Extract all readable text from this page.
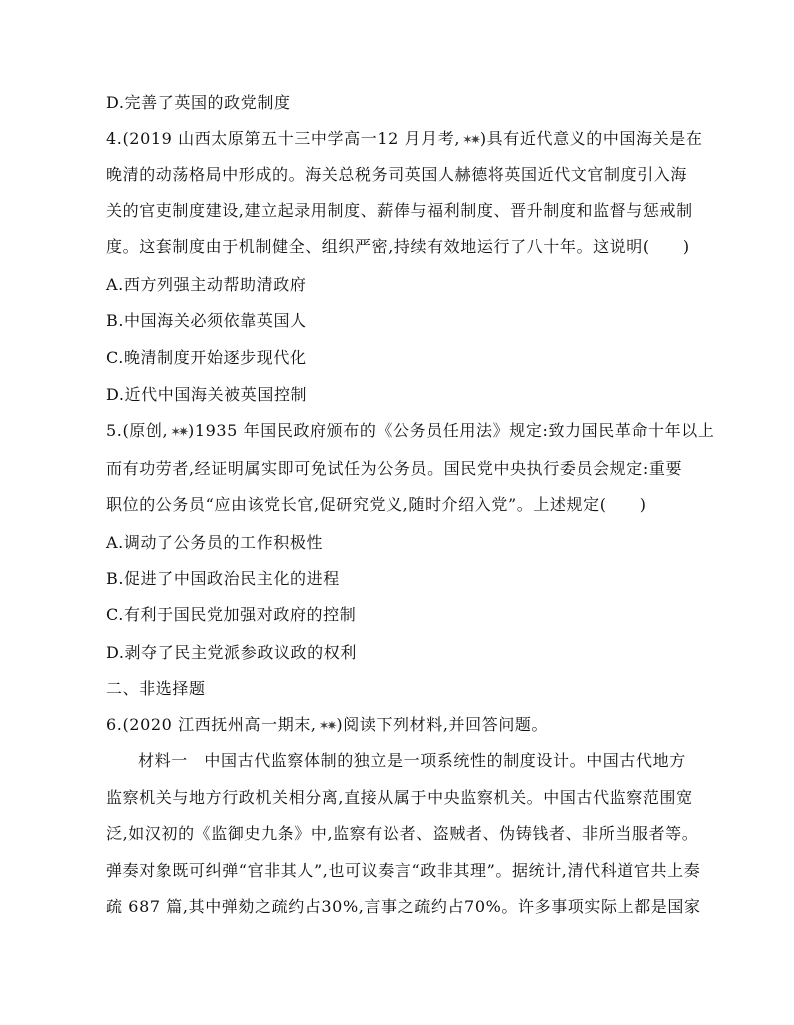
D.完善了英国的政党制度
4.(2019 山西太原第五十三中学高一12 月月考, ✶✷ )具有近代意义的中国海关是在
晚清的动荡格局中形成的。海关总税务司英国人赫德将英国近代文官制度引入海
关的官吏制度建设,建立起录用制度、薪俸与福利制度、晋升制度和监督与惩戒制
度。这套制度由于机制健全、组织严密,持续有效地运行了八十年。这说明(　　)
A.西方列强主动帮助清政府
B.中国海关必须依靠英国人
C.晚清制度开始逐步现代化
D.近代中国海关被英国控制
5.(原创, ✶✷ )1935 年国民政府颁布的《公务员任用法》规定:致力国民革命十年以上
而有功劳者,经证明属实即可免试任为公务员。国民党中央执行委员会规定:重要
职位的公务员“应由该党长官,促研究党义,随时介绍入党”。上述规定(　　)
A.调动了公务员的工作积极性
B.促进了中国政治民主化的进程
C.有利于国民党加强对政府的控制
D.剥夺了民主党派参政议政的权利
二、非选择题
6.(2020 江西抚州高一期末, ✶✷ )阅读下列材料,并回答问题。
材料一　中国古代监察体制的独立是一项系统性的制度设计。中国古代地方
监察机关与地方行政机关相分离,直接从属于中央监察机关。中国古代监察范围宽
泛,如汉初的《监御史九条》中,监察有讼者、盗贼者、伪铸钱者、非所当服者等。
弹奏对象既可纠弹“官非其人”,也可议奏言“政非其理”。据统计,清代科道官共上奏
疏 687 篇,其中弹劾之疏约占30%,言事之疏约占70%。许多事项实际上都是国家
